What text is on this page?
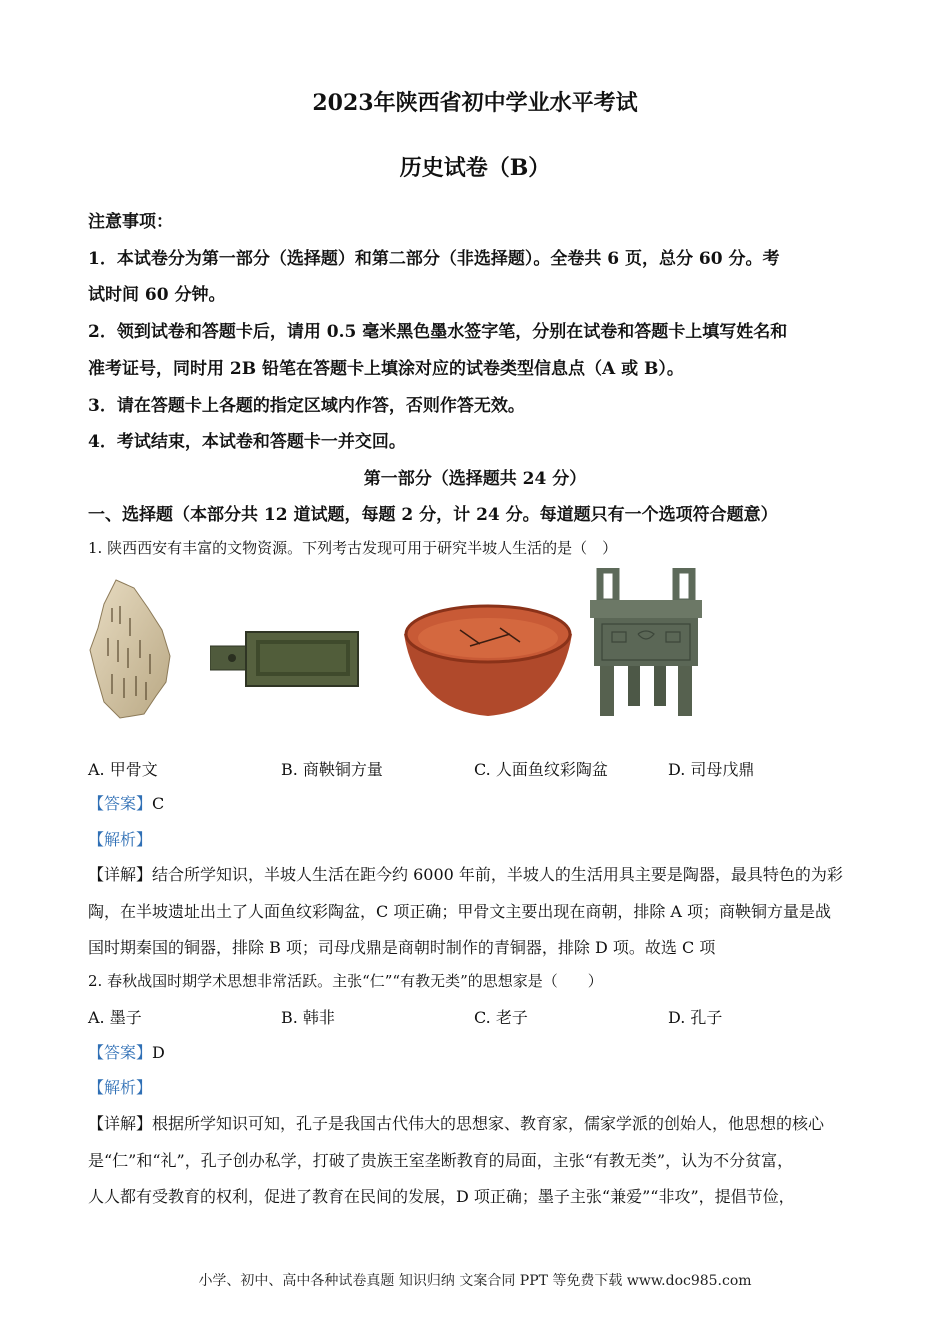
2023年陕西省初中学业水平考试
历史试卷（B）
注意事项：
1．本试卷分为第一部分（选择题）和第二部分（非选择题）。全卷共 6 页，总分 60 分。考
试时间 60 分钟。
2．领到试卷和答题卡后，请用 0.5 毫米黑色墨水签字笔，分别在试卷和答题卡上填写姓名和
准考证号，同时用 2B 铅笔在答题卡上填涂对应的试卷类型信息点（A 或 B）。
3．请在答题卡上各题的指定区域内作答，否则作答无效。
4．考试结束，本试卷和答题卡一并交回。
第一部分（选择题共 24 分）
一、选择题（本部分共 12 道试题，每题 2 分，计 24 分。每道题只有一个选项符合题意）
1. 陕西西安有丰富的文物资源。下列考古发现可用于研究半坡人生活的是（　）
A. 甲骨文	B. 商鞅铜方量	C. 人面鱼纹彩陶盆	D. 司母戊鼎
【答案】C
【解析】
【详解】结合所学知识，半坡人生活在距今约 6000 年前，半坡人的生活用具主要是陶器，最具特色的为彩
陶，在半坡遗址出土了人面鱼纹彩陶盆，C 项正确；甲骨文主要出现在商朝，排除 A 项；商鞅铜方量是战
国时期秦国的铜器，排除 B 项；司母戊鼎是商朝时制作的青铜器，排除 D 项。故选 C 项
2. 春秋战国时期学术思想非常活跃。主张“仁”“有教无类”的思想家是（　　）
A. 墨子	B. 韩非	C. 老子	D. 孔子
【答案】D
【解析】
【详解】根据所学知识可知，孔子是我国古代伟大的思想家、教育家，儒家学派的创始人，他思想的核心
是“仁”和“礼”，孔子创办私学，打破了贵族王室垄断教育的局面，主张“有教无类”，认为不分贫富，
人人都有受教育的权利，促进了教育在民间的发展，D 项正确；墨子主张“兼爱”“非攻”，提倡节俭，
小学、初中、高中各种试卷真题 知识归纳 文案合同 PPT 等免费下载 www.doc985.com
